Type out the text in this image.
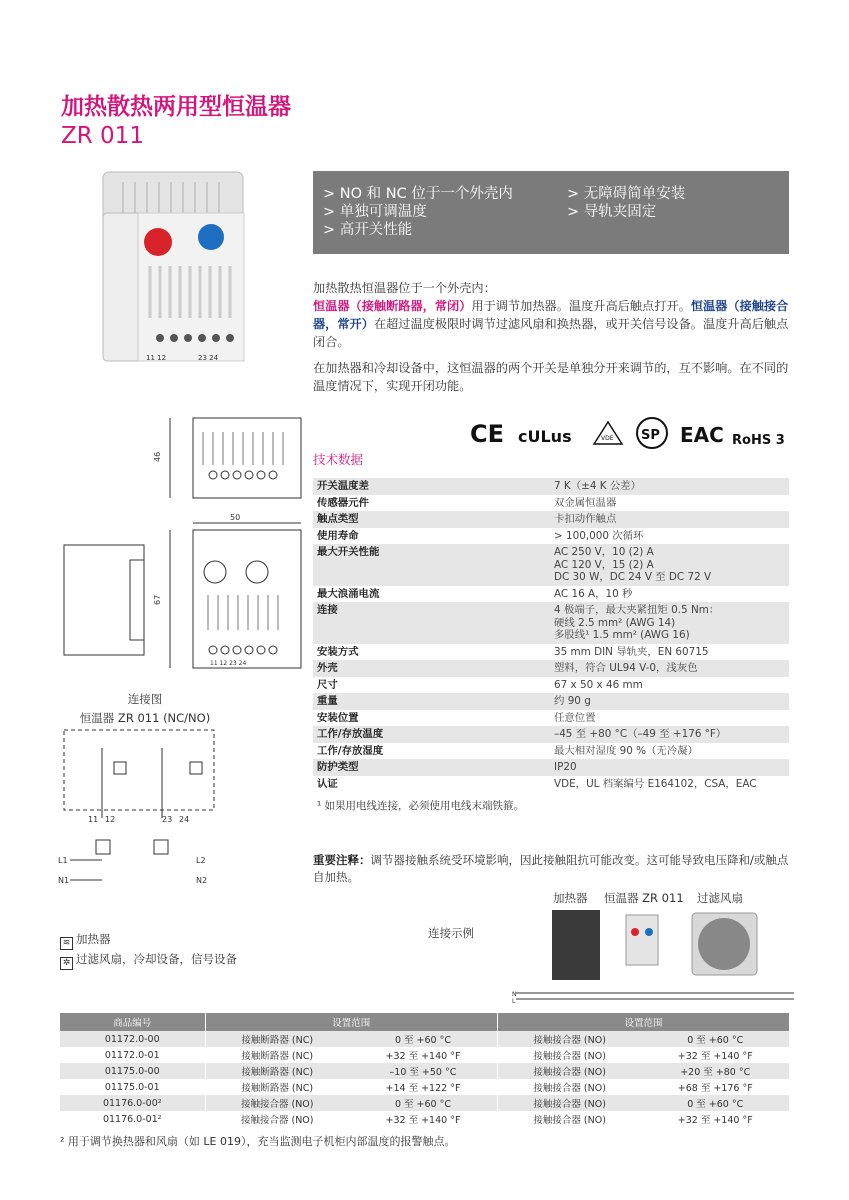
加热散热两用型恒温器
ZR 011
11 12	23 24
> NO 和 NC 位于一个外壳内
> 单独可调温度
> 高开关性能
> 无障碍简单安装
> 导轨夹固定

加热散热恒温器位于一个外壳内：
恒温器（接触断路器，常闭）用于调节加热器。温度升高后触点打开。恒温器（接触接合器，常开）在超过温度极限时调节过滤风扇和换热器，或开关信号设备。温度升高后触点闭合。

在加热器和冷却设备中，这恒温器的两个开关是单独分开来调节的，互不影响。在不同的温度情况下，实现开闭功能。

CE cULus	VDE SP EAC RoHS 3
技术数据
开关温度差	7 K（±4 K 公差）
传感器元件	双金属恒温器
触点类型	卡扣动作触点
使用寿命	> 100,000 次循环
最大开关性能	AC 250 V，10 (2) A
AC 120 V，15 (2) A
DC 30 W，DC 24 V 至 DC 72 V

最大浪涌电流	AC 16 A，10 秒
连接	4 极端子，最大夹紧扭矩 0.5 Nm：
硬线 2.5 mm² (AWG 14)
多股线¹ 1.5 mm² (AWG 16)

安装方式	35 mm DIN 导轨夹，EN 60715
外壳	塑料，符合 UL94 V-0，浅灰色
尺寸	67 x 50 x 46 mm
重量	约 90 g
安装位置	任意位置
工作/存放温度	–45 至 +80 °C（–49 至 +176 °F）
工作/存放湿度	最大相对湿度 90 %（无冷凝）
防护类型	IP20
认证	VDE，UL 档案编号 E164102，CSA，EAC
¹ 如果用电线连接，必须使用电线末端铁箍。	
重要注释：调节器接触系统受环境影响，因此接触阻抗可能改变。这可能导致电压降和/或触点自加热。
46
50
11 12 23 24
67
连接图
恒温器 ZR 011 (NC/NO)
11 12	23 24
L1
N1
L2
N2
≋ 加热器
✲ 过滤风扇，冷却设备，信号设备
连接示例
加热器 恒温器 ZR 011 过滤风扇
N
L
商品编号	设置范围		设置范围	
01172.0-00	接触断路器 (NC)	0 至 +60 °C	接触接合器 (NO)	0 至 +60 °C
01172.0-01	接触断路器 (NC)	+32 至 +140 °F	接触接合器 (NO)	+32 至 +140 °F
01175.0-00	接触断路器 (NC)	–10 至 +50 °C	接触接合器 (NO)	+20 至 +80 °C
01175.0-01	接触断路器 (NC)	+14 至 +122 °F	接触接合器 (NO)	+68 至 +176 °F
01176.0-00²	接触接合器 (NO)	0 至 +60 °C	接触接合器 (NO)	0 至 +60 °C
01176.0-01²	接触接合器 (NO)	+32 至 +140 °F	接触接合器 (NO)	+32 至 +140 °F
² 用于调节换热器和风扇（如 LE 019），充当监测电子机柜内部温度的报警触点。
